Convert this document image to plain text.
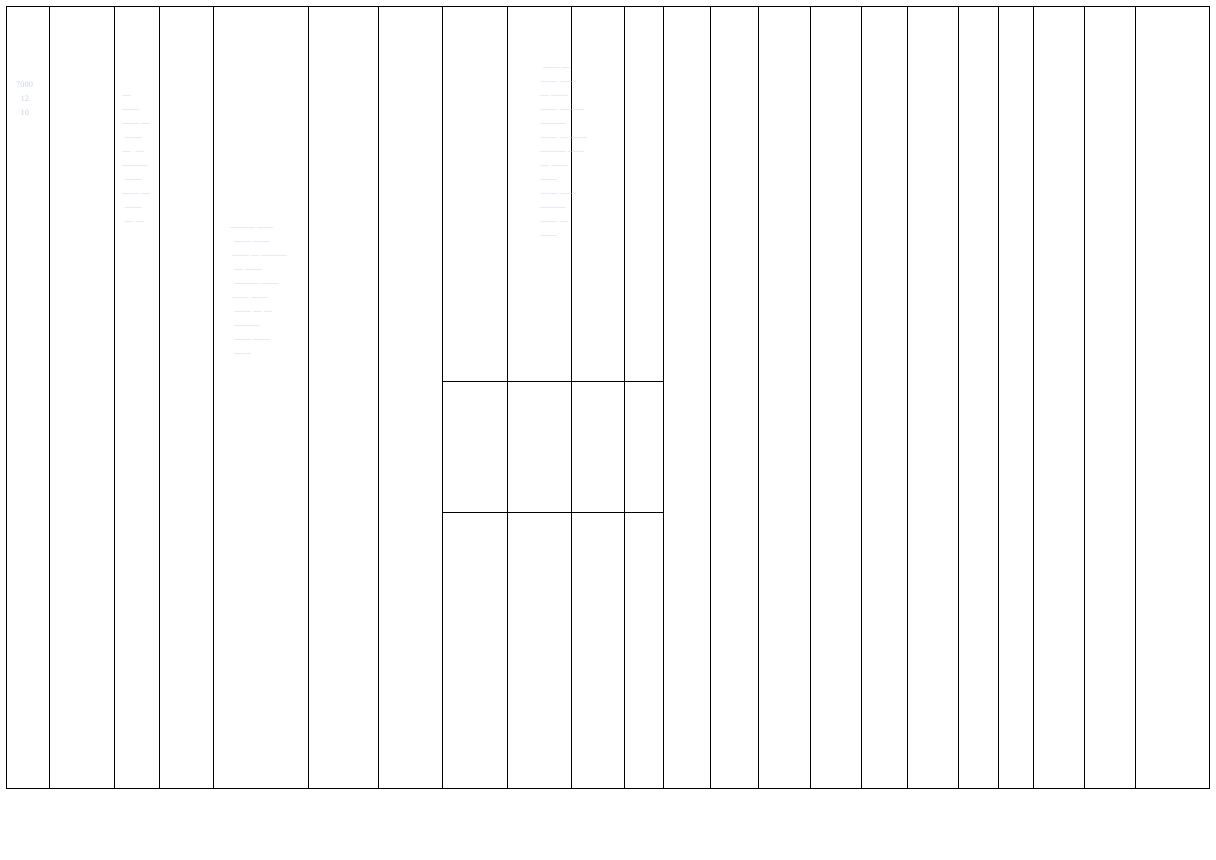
7000
12
10
—
——
—— —
——
—  —
———
——
—— —
——
— —
——— ——
—— ——
—— — ———
— ——
——— ——
—— ——
—— — —
———
—— ——
——
—— —
—— ——
— ——
—— ———
———
—— — ——
——— ——
— ——
——
—— ——
———
—— —
——
